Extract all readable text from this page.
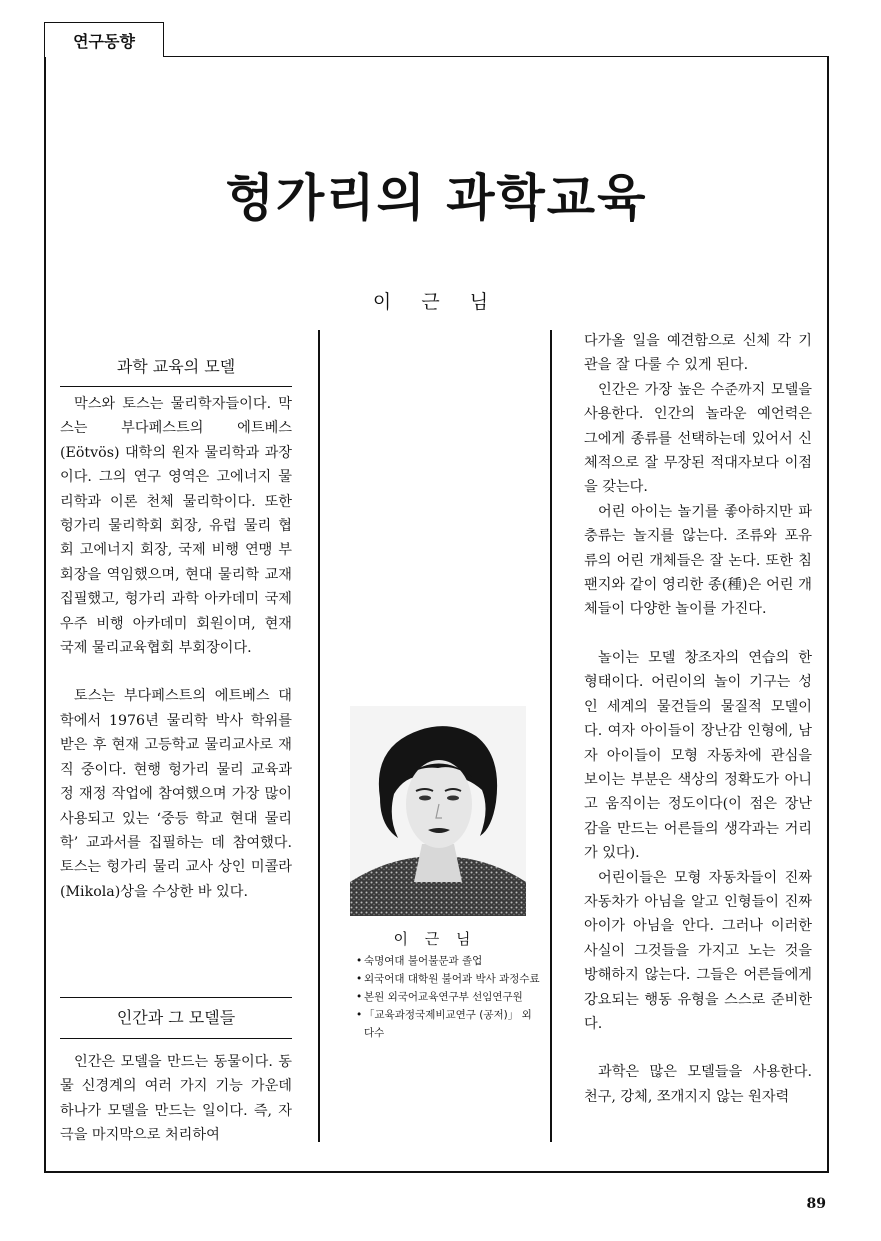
연구동향
헝가리의 과학교육
이 근 님
과학 교육의 모델

막스와 토스는 물리학자들이다. 막스는 부다페스트의 에트베스(Eötvös) 대학의 원자 물리학과 과장이다. 그의 연구 영역은 고에너지 물리학과 이론 천체 물리학이다. 또한 헝가리 물리학회 회장, 유럽 물리 협회 고에너지 회장, 국제 비행 연맹 부회장을 역임했으며, 현대 물리학 교재 집필했고, 헝가리 과학 아카데미 국제 우주 비행 아카데미 회원이며, 현재 국제 물리교육협회 부회장이다.

토스는 부다페스트의 에트베스 대학에서 1976년 물리학 박사 학위를 받은 후 현재 고등학교 물리교사로 재직 중이다. 현행 헝가리 물리 교육과정 재정 작업에 참여했으며 가장 많이 사용되고 있는 ‘중등 학교 현대 물리학’ 교과서를 집필하는 데 참여했다. 토스는 헝가리 물리 교사 상인 미콜라(Mikola)상을 수상한 바 있다.

인간과 그 모델들

인간은 모델을 만드는 동물이다. 동물 신경계의 여러 가지 기능 가운데 하나가 모델을 만드는 일이다. 즉, 자극을 마지막으로 처리하여

이 근 님
• 숙명여대 불어불문과 졸업
• 외국어대 대학원 불어과 박사 과정수료
• 본원 외국어교육연구부 선임연구원
• 「교육과정국제비교연구 (공저)」 외 다수

다가올 일을 예견함으로 신체 각 기관을 잘 다룰 수 있게 된다.

인간은 가장 높은 수준까지 모델을 사용한다. 인간의 놀라운 예언력은 그에게 종류를 선택하는데 있어서 신체적으로 잘 무장된 적대자보다 이점을 갖는다.

어린 아이는 놀기를 좋아하지만 파충류는 놀지를 않는다. 조류와 포유류의 어린 개체들은 잘 논다. 또한 침팬지와 같이 영리한 종(種)은 어린 개체들이 다양한 놀이를 가진다.

놀이는 모델 창조자의 연습의 한 형태이다. 어린이의 놀이 기구는 성인 세계의 물건들의 물질적 모델이다. 여자 아이들이 장난감 인형에, 남자 아이들이 모형 자동차에 관심을 보이는 부분은 색상의 정확도가 아니고 움직이는 정도이다(이 점은 장난감을 만드는 어른들의 생각과는 거리가 있다).

어린이들은 모형 자동차들이 진짜 자동차가 아님을 알고 인형들이 진짜 아이가 아님을 안다. 그러나 이러한 사실이 그것들을 가지고 노는 것을 방해하지 않는다. 그들은 어른들에게 강요되는 행동 유형을 스스로 준비한다.

과학은 많은 모델들을 사용한다. 천구, 강체, 쪼개지지 않는 원자력

89
